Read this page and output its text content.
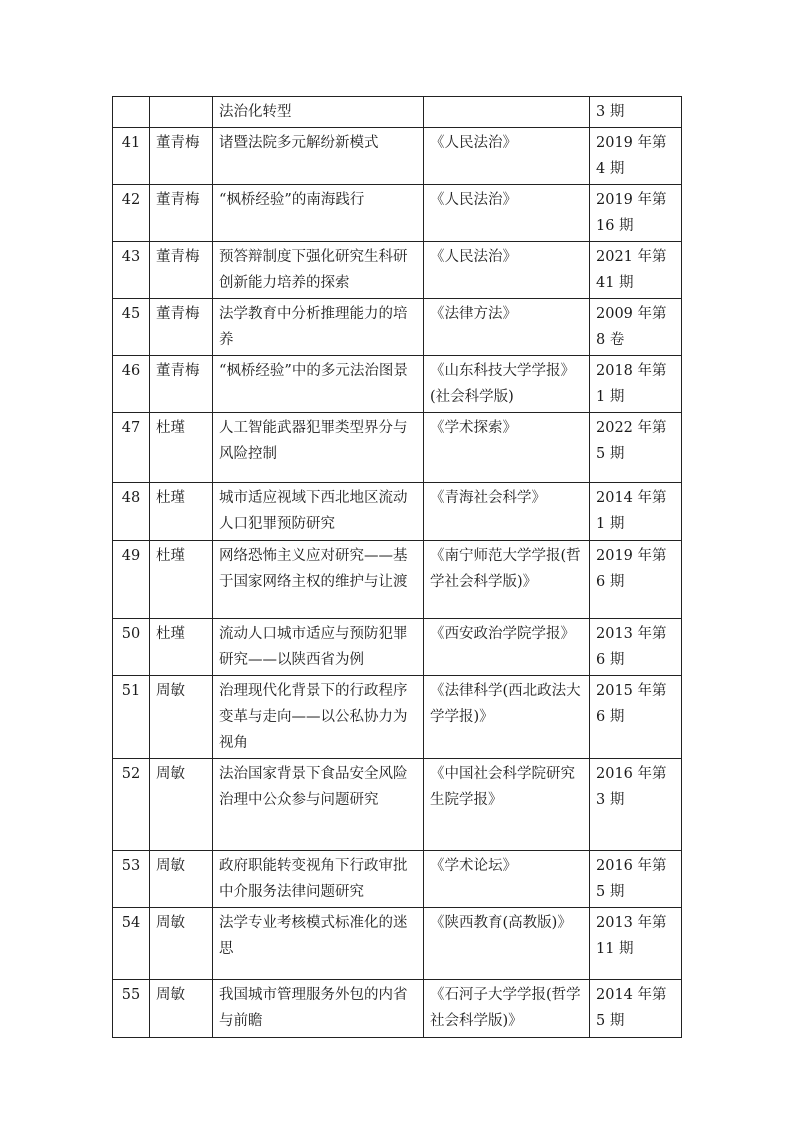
		法治化转型		3 期
41	董青梅	诸暨法院多元解纷新模式	《人民法治》	2019 年第 4 期
42	董青梅	“枫桥经验”的南海践行	《人民法治》	2019 年第 16 期
43	董青梅	预答辩制度下强化研究生科研创新能力培养的探索	《人民法治》	2021 年第 41 期
45	董青梅	法学教育中分析推理能力的培养	《法律方法》	2009 年第 8 卷
46	董青梅	“枫桥经验”中的多元法治图景	《山东科技大学学报》(社会科学版)	2018 年第 1 期
47	杜瑾	人工智能武器犯罪类型界分与风险控制	《学术探索》	2022 年第 5 期
48	杜瑾	城市适应视域下西北地区流动人口犯罪预防研究	《青海社会科学》	2014 年第 1 期
49	杜瑾	网络恐怖主义应对研究——基于国家网络主权的维护与让渡	《南宁师范大学学报(哲学社会科学版)》	2019 年第 6 期
50	杜瑾	流动人口城市适应与预防犯罪研究——以陕西省为例	《西安政治学院学报》	2013 年第 6 期
51	周敏	治理现代化背景下的行政程序变革与走向——以公私协力为视角	《法律科学(西北政法大学学报)》	2015 年第 6 期
52	周敏	法治国家背景下食品安全风险治理中公众参与问题研究	《中国社会科学院研究生院学报》	2016 年第 3 期
53	周敏	政府职能转变视角下行政审批中介服务法律问题研究	《学术论坛》	2016 年第 5 期
54	周敏	法学专业考核模式标准化的迷思	《陕西教育(高教版)》	2013 年第 11 期
55	周敏	我国城市管理服务外包的内省与前瞻	《石河子大学学报(哲学社会科学版)》	2014 年第 5 期
